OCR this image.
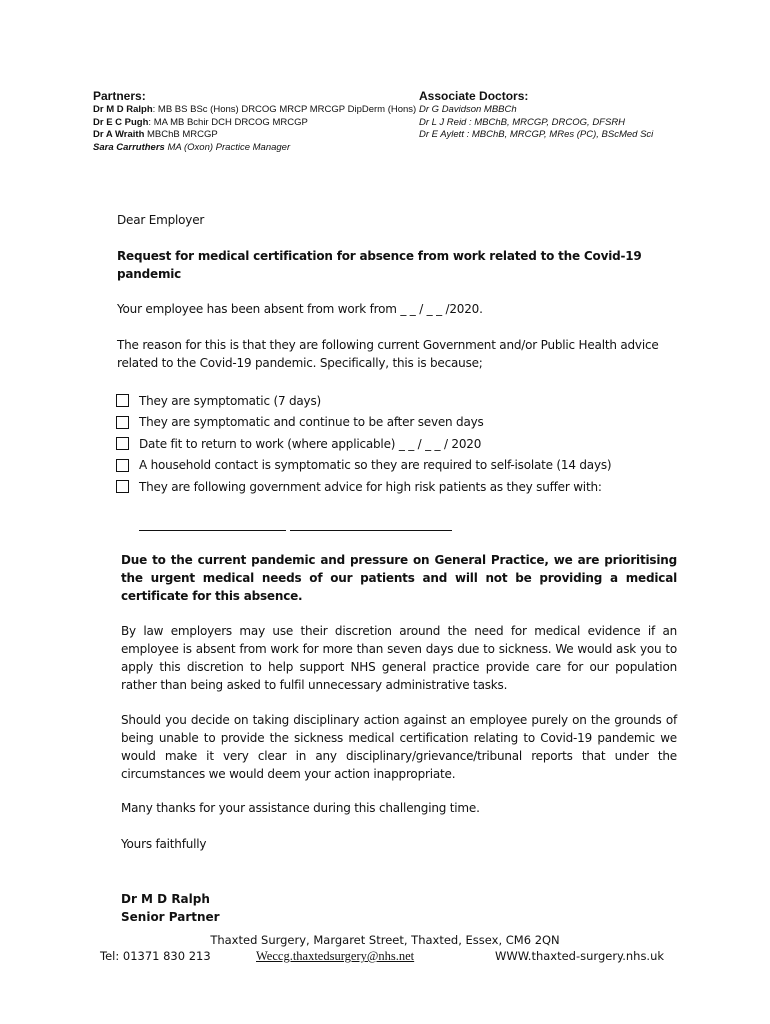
Partners:
Dr M D Ralph: MB BS BSc (Hons) DRCOG MRCP MRCGP DipDerm (Hons)
Dr E C Pugh: MA MB Bchir DCH DRCOG MRCGP
Dr A Wraith MBChB MRCGP
Sara Carruthers MA (Oxon) Practice Manager
Associate Doctors:
Dr G Davidson MBBCh
Dr L J Reid : MBChB, MRCGP, DRCOG, DFSRH
Dr E Aylett : MBChB, MRCGP, MRes (PC), BScMed Sci

Dear Employer

Request for medical certification for absence from work related to the Covid-19 pandemic

Your employee has been absent from work from _ _ / _ _ /2020.

The reason for this is that they are following current Government and/or Public Health advice related to the Covid-19 pandemic. Specifically, this is because;

They are symptomatic (7 days)
They are symptomatic and continue to be after seven days
Date fit to return to work (where applicable) _ _ / _ _ / 2020
A household contact is symptomatic so they are required to self-isolate (14 days)
They are following government advice for high risk patients as they suffer with:

Due to the current pandemic and pressure on General Practice, we are prioritising the urgent medical needs of our patients and will not be providing a medical certificate for this absence.

By law employers may use their discretion around the need for medical evidence if an employee is absent from work for more than seven days due to sickness. We would ask you to apply this discretion to help support NHS general practice provide care for our population rather than being asked to fulfil unnecessary administrative tasks.

Should you decide on taking disciplinary action against an employee purely on the grounds of being unable to provide the sickness medical certification relating to Covid-19 pandemic we would make it very clear in any disciplinary/grievance/tribunal reports that under the circumstances we would deem your action inappropriate.

Many thanks for your assistance during this challenging time.

Yours faithfully

Dr M D Ralph
Senior Partner
Thaxted Surgery, Margaret Street, Thaxted, Essex, CM6 2QN
Tel: 01371 830 213	Weccg.thaxtedsurgery@nhs.net	WWW.thaxted-surgery.nhs.uk
